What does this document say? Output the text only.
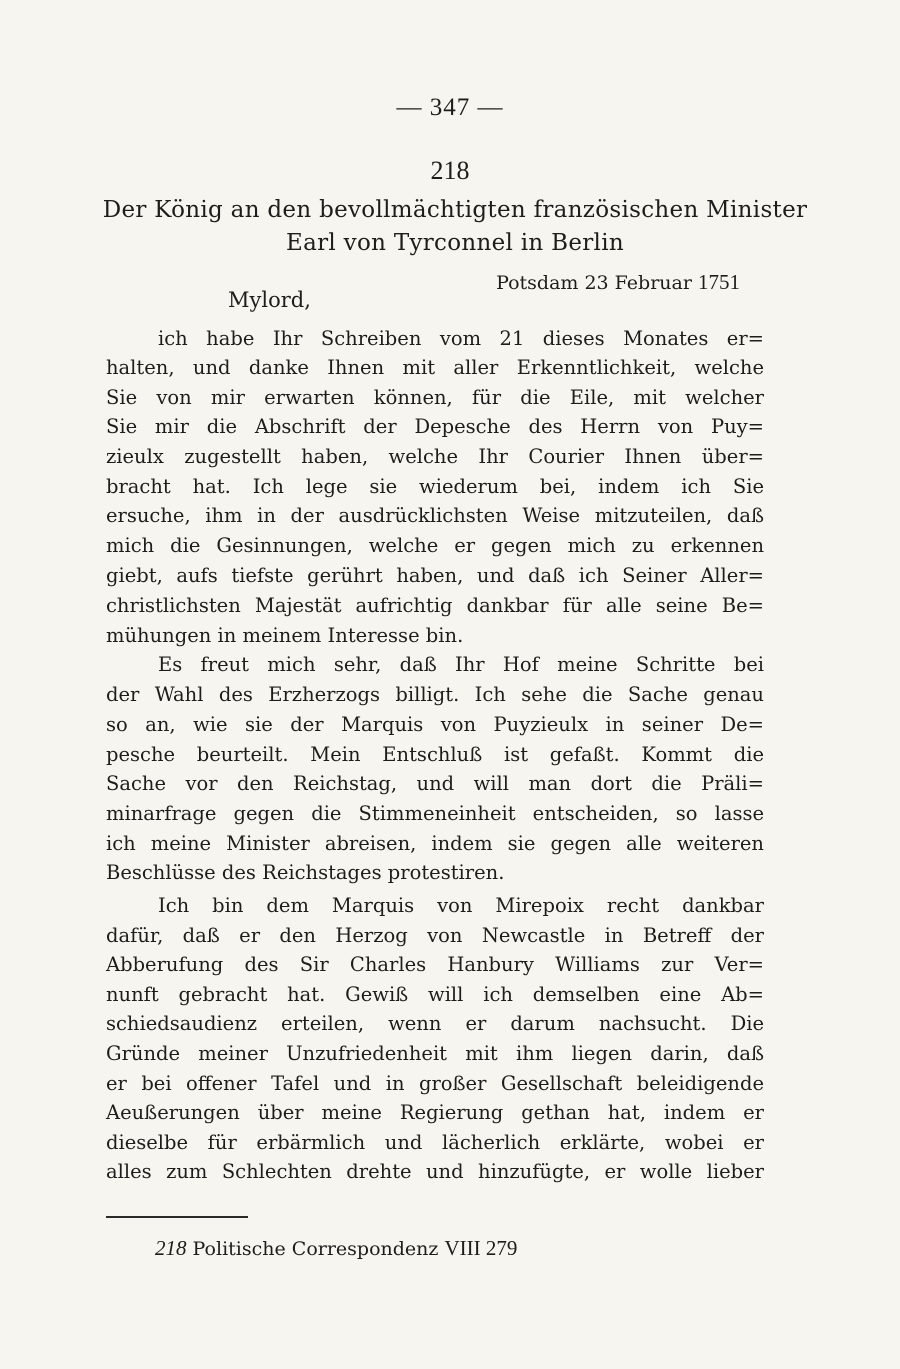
— 347 —
218
Der König an den bevollmächtigten französischen Minister
Earl von Tyrconnel in Berlin
Potsdam 23 Februar 1751
Mylord,
ich habe Ihr Schreiben vom 21 dieses Monates er=
halten, und danke Ihnen mit aller Erkenntlichkeit, welche
Sie von mir erwarten können, für die Eile, mit welcher
Sie mir die Abschrift der Depesche des Herrn von Puy=
zieulx zugestellt haben, welche Ihr Courier Ihnen über=
bracht hat. Ich lege sie wiederum bei, indem ich Sie
ersuche, ihm in der ausdrücklichsten Weise mitzuteilen, daß
mich die Gesinnungen, welche er gegen mich zu erkennen
giebt, aufs tiefste gerührt haben, und daß ich Seiner Aller=
christlichsten Majestät aufrichtig dankbar für alle seine Be=
mühungen in meinem Interesse bin.
Es freut mich sehr, daß Ihr Hof meine Schritte bei
der Wahl des Erzherzogs billigt. Ich sehe die Sache genau
so an, wie sie der Marquis von Puyzieulx in seiner De=
pesche beurteilt. Mein Entschluß ist gefaßt. Kommt die
Sache vor den Reichstag, und will man dort die Präli=
minarfrage gegen die Stimmeneinheit entscheiden, so lasse
ich meine Minister abreisen, indem sie gegen alle weiteren
Beschlüsse des Reichstages protestiren.
Ich bin dem Marquis von Mirepoix recht dankbar
dafür, daß er den Herzog von Newcastle in Betreff der
Abberufung des Sir Charles Hanbury Williams zur Ver=
nunft gebracht hat. Gewiß will ich demselben eine Ab=
schiedsaudienz erteilen, wenn er darum nachsucht. Die
Gründe meiner Unzufriedenheit mit ihm liegen darin, daß
er bei offener Tafel und in großer Gesellschaft beleidigende
Aeußerungen über meine Regierung gethan hat, indem er
dieselbe für erbärmlich und lächerlich erklärte, wobei er
alles zum Schlechten drehte und hinzufügte, er wolle lieber
218 Politische Correspondenz VIII 279
